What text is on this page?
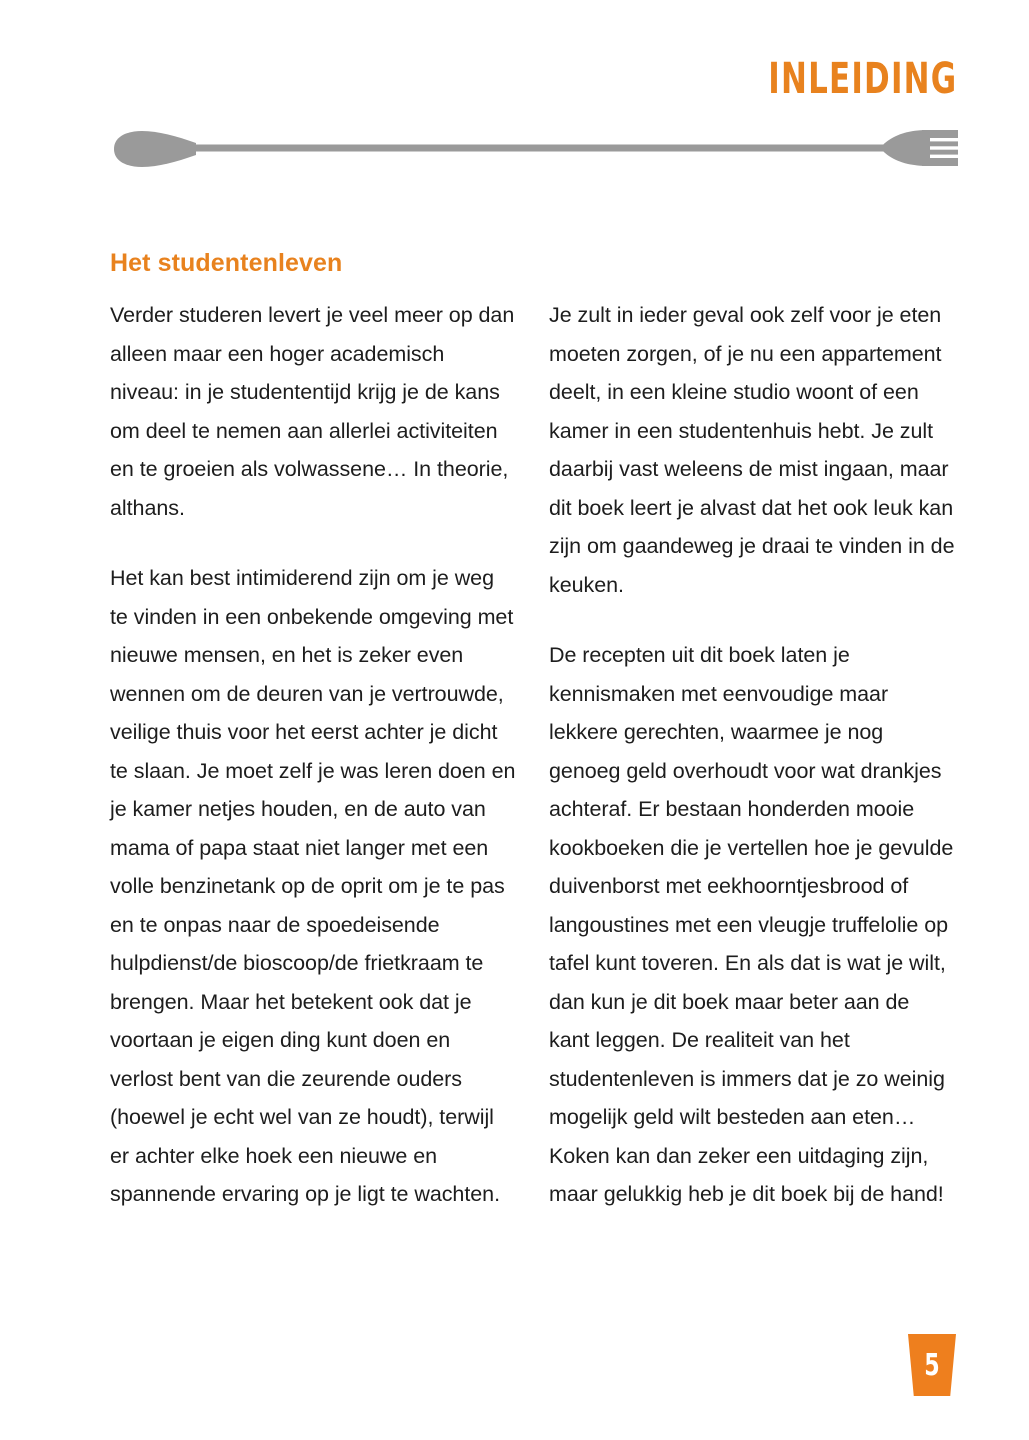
INLEIDING
Het studentenleven

Verder studeren levert je veel meer op dan alleen maar een hoger academisch niveau: in je studententijd krijg je de kans om deel te nemen aan allerlei activiteiten en te groeien als volwassene… In theorie, althans.

Het kan best intimiderend zijn om je weg te vinden in een onbekende omgeving met nieuwe mensen, en het is zeker even wennen om de deuren van je vertrouwde, veilige thuis voor het eerst achter je dicht te slaan. Je moet zelf je was leren doen en je kamer netjes houden, en de auto van mama of papa staat niet langer met een volle benzinetank op de oprit om je te pas en te onpas naar de spoedeisende hulpdienst/de bioscoop/de frietkraam te brengen. Maar het betekent ook dat je voortaan je eigen ding kunt doen en verlost bent van die zeurende ouders (hoewel je echt wel van ze houdt), terwijl er achter elke hoek een nieuwe en spannende ervaring op je ligt te wachten.

Je zult in ieder geval ook zelf voor je eten moeten zorgen, of je nu een appartement deelt, in een kleine studio woont of een kamer in een studentenhuis hebt. Je zult daarbij vast weleens de mist ingaan, maar dit boek leert je alvast dat het ook leuk kan zijn om gaandeweg je draai te vinden in de keuken.

De recepten uit dit boek laten je kennismaken met eenvoudige maar lekkere gerechten, waarmee je nog genoeg geld overhoudt voor wat drankjes achteraf. Er bestaan honderden mooie kookboeken die je vertellen hoe je gevulde duivenborst met eekhoorntjesbrood of langoustines met een vleugje truffelolie op tafel kunt toveren. En als dat is wat je wilt, dan kun je dit boek maar beter aan de kant leggen. De realiteit van het studentenleven is immers dat je zo weinig mogelijk geld wilt besteden aan eten… Koken kan dan zeker een uitdaging zijn, maar gelukkig heb je dit boek bij de hand!

5
